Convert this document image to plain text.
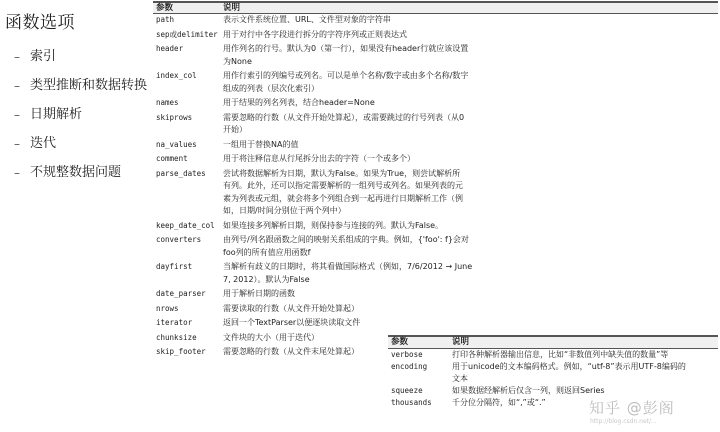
函数选项
– 索引
– 类型推断和数据转换
– 日期解析
– 迭代
– 不规整数据问题
参数	说明
path	表示文件系统位置、URL、文件型对象的字符串
sep或delimiter 用于对行中各字段进行拆分的字符序列或正则表达式
header	用作列名的行号。默认为0（第一行），如果没有header行就应该设置
为None
index_col	用作行索引的列编号或列名。可以是单个名称/数字或由多个名称/数字
组成的列表（层次化索引）
names	用于结果的列名列表，结合header=None
skiprows	需要忽略的行数（从文件开始处算起），或需要跳过的行号列表（从0
开始）
na_values	一组用于替换NA的值
comment	用于将注释信息从行尾拆分出去的字符（一个或多个）
parse_dates	尝试将数据解析为日期，默认为False。如果为True，则尝试解析所
有列。此外，还可以指定需要解析的一组列号或列名。如果列表的元
素为列表或元组，就会将多个列组合到一起再进行日期解析工作（例
如，日期/时间分别位于两个列中）
keep_date_col	如果连接多列解析日期，则保持参与连接的列。默认为False。
converters	由列号/列名跟函数之间的映射关系组成的字典。例如，{'foo': f}会对
foo列的所有值应用函数f
dayfirst	当解析有歧义的日期时，将其看做国际格式（例如，7/6/2012 → June
7, 2012）。默认为False
date_parser	用于解析日期的函数
nrows	需要读取的行数（从文件开始处算起）
iterator	返回一个TextParser以便逐块读取文件
chunksize	文件块的大小（用于迭代）
skip_footer	需要忽略的行数（从文件末尾处算起）
参数	说明
verbose	打印各种解析器输出信息，比如“非数值列中缺失值的数量”等
encoding	用于unicode的文本编码格式。例如，“utf-8”表示用UTF-8编码的
文本
squeeze	如果数据经解析后仅含一列，则返回Series
thousands	千分位分隔符，如“,”或“.”	知乎 @彭阁
http://blog.csdn.net/...
